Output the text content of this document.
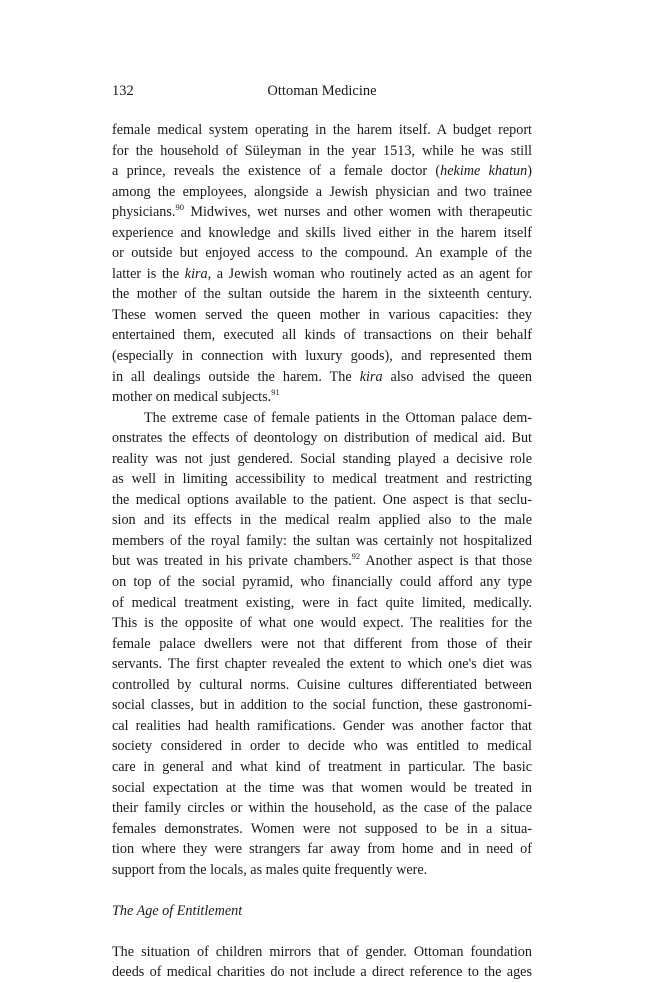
132	Ottoman Medicine
female medical system operating in the harem itself. A budget report
for the household of Süleyman in the year 1513, while he was still
a prince, reveals the existence of a female doctor (hekime khatun)
among the employees, alongside a Jewish physician and two trainee
physicians.$^{90}$ Midwives, wet nurses and other women with therapeutic
experience and knowledge and skills lived either in the harem itself
or outside but enjoyed access to the compound. An example of the
latter is the kira, a Jewish woman who routinely acted as an agent for
the mother of the sultan outside the harem in the sixteenth century.
These women served the queen mother in various capacities: they
entertained them, executed all kinds of transactions on their behalf
(especially in connection with luxury goods), and represented them
in all dealings outside the harem. The kira also advised the queen
mother on medical subjects.$^{91}$
The extreme case of female patients in the Ottoman palace dem-
onstrates the effects of deontology on distribution of medical aid. But
reality was not just gendered. Social standing played a decisive role
as well in limiting accessibility to medical treatment and restricting
the medical options available to the patient. One aspect is that seclu-
sion and its effects in the medical realm applied also to the male
members of the royal family: the sultan was certainly not hospitalized
but was treated in his private chambers.$^{92}$ Another aspect is that those
on top of the social pyramid, who financially could afford any type
of medical treatment existing, were in fact quite limited, medically.
This is the opposite of what one would expect. The realities for the
female palace dwellers were not that different from those of their
servants. The first chapter revealed the extent to which one's diet was
controlled by cultural norms. Cuisine cultures differentiated between
social classes, but in addition to the social function, these gastronomi-
cal realities had health ramifications. Gender was another factor that
society considered in order to decide who was entitled to medical
care in general and what kind of treatment in particular. The basic
social expectation at the time was that women would be treated in
their family circles or within the household, as the case of the palace
females demonstrates. Women were not supposed to be in a situa-
tion where they were strangers far away from home and in need of
support from the locals, as males quite frequently were.
The Age of Entitlement
The situation of children mirrors that of gender. Ottoman foundation
deeds of medical charities do not include a direct reference to the ages
